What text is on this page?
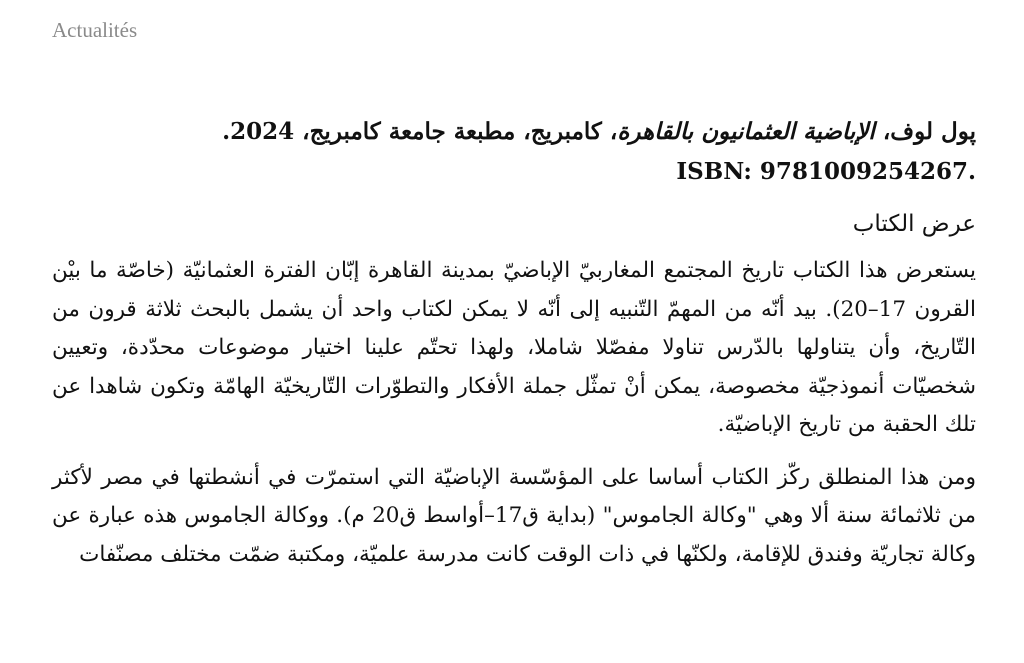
Actualités

پول لوف، الإباضية العثمانيون بالقاهرة، كامبريج، مطبعة جامعة كامبريج، 2024.

.ISBN: 9781009254267

عرض الكتاب

يستعرض هذا الكتاب تاريخ المجتمع المغاربيّ الإباضيّ بمدينة القاهرة إبّان الفترة العثمانيّة (خاصّة ما بيْن القرون 17–20). بيد أنّه من المهمّ التّنبيه إلى أنّه لا يمكن لكتاب واحد أن يشمل بالبحث ثلاثة قرون من التّاريخ، وأن يتناولها بالدّرس تناولا مفصّلا شاملا، ولهذا تحتّم علينا اختيار موضوعات محدّدة، وتعيين شخصيّات أنموذجيّة مخصوصة، يمكن أنْ تمثّل جملة الأفكار والتطوّرات التّاريخيّة الهامّة وتكون شاهدا عن تلك الحقبة من تاريخ الإباضيّة.

ومن هذا المنطلق ركّز الكتاب أساسا على المؤسّسة الإباضيّة التي استمرّت في أنشطتها في مصر لأكثر من ثلاثمائة سنة ألا وهي "وكالة الجاموس" (بداية ق17–أواسط ق20 م). ووكالة الجاموس هذه عبارة عن وكالة تجاريّة وفندق للإقامة، ولكنّها في ذات الوقت كانت مدرسة علميّة، ومكتبة ضمّت مختلف مصنّفات
